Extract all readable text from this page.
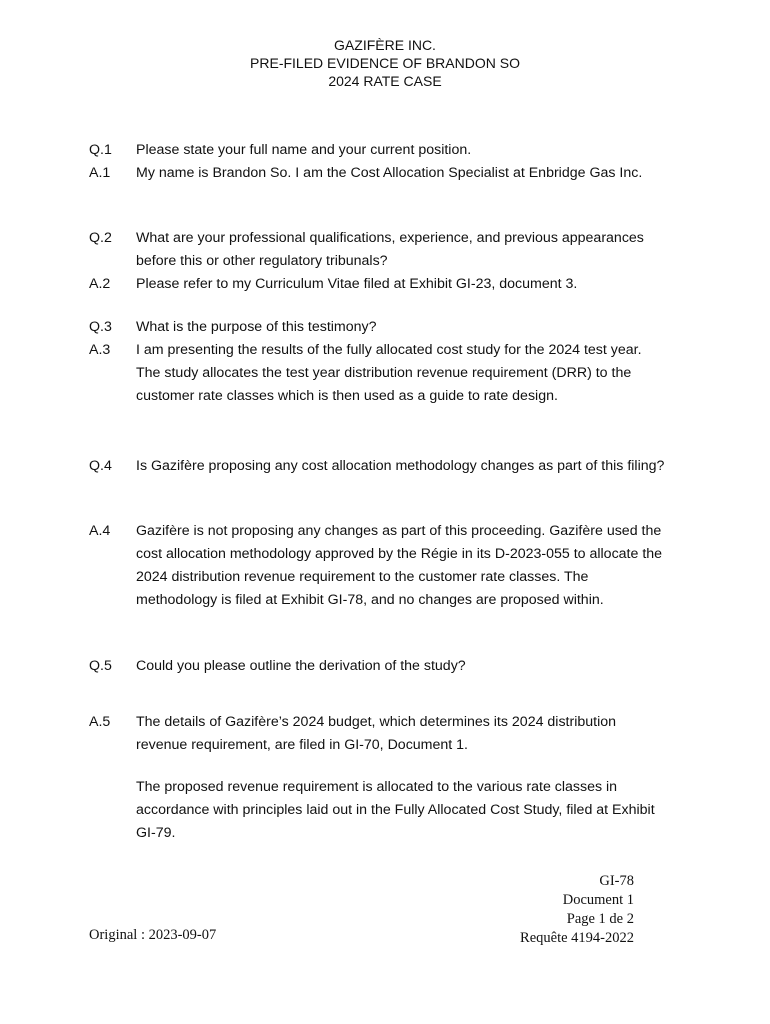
GAZIFÈRE INC.
PRE-FILED EVIDENCE OF BRANDON SO
2024 RATE CASE
Q.1 Please state your full name and your current position.
A.1 My name is Brandon So. I am the Cost Allocation Specialist at Enbridge Gas Inc.
Q.2 What are your professional qualifications, experience, and previous appearances before this or other regulatory tribunals?
A.2 Please refer to my Curriculum Vitae filed at Exhibit GI-23, document 3.
Q.3 What is the purpose of this testimony?
A.3 I am presenting the results of the fully allocated cost study for the 2024 test year. The study allocates the test year distribution revenue requirement (DRR) to the customer rate classes which is then used as a guide to rate design.
Q.4 Is Gazifère proposing any cost allocation methodology changes as part of this filing?
A.4 Gazifère is not proposing any changes as part of this proceeding. Gazifère used the cost allocation methodology approved by the Régie in its D-2023-055 to allocate the 2024 distribution revenue requirement to the customer rate classes. The methodology is filed at Exhibit GI-78, and no changes are proposed within.
Q.5 Could you please outline the derivation of the study?
A.5 The details of Gazifère’s 2024 budget, which determines its 2024 distribution revenue requirement, are filed in GI-70, Document 1.
The proposed revenue requirement is allocated to the various rate classes in accordance with principles laid out in the Fully Allocated Cost Study, filed at Exhibit GI-79.
GI-78
Document 1
Page 1 de 2
Requête 4194-2022
Original : 2023-09-07
